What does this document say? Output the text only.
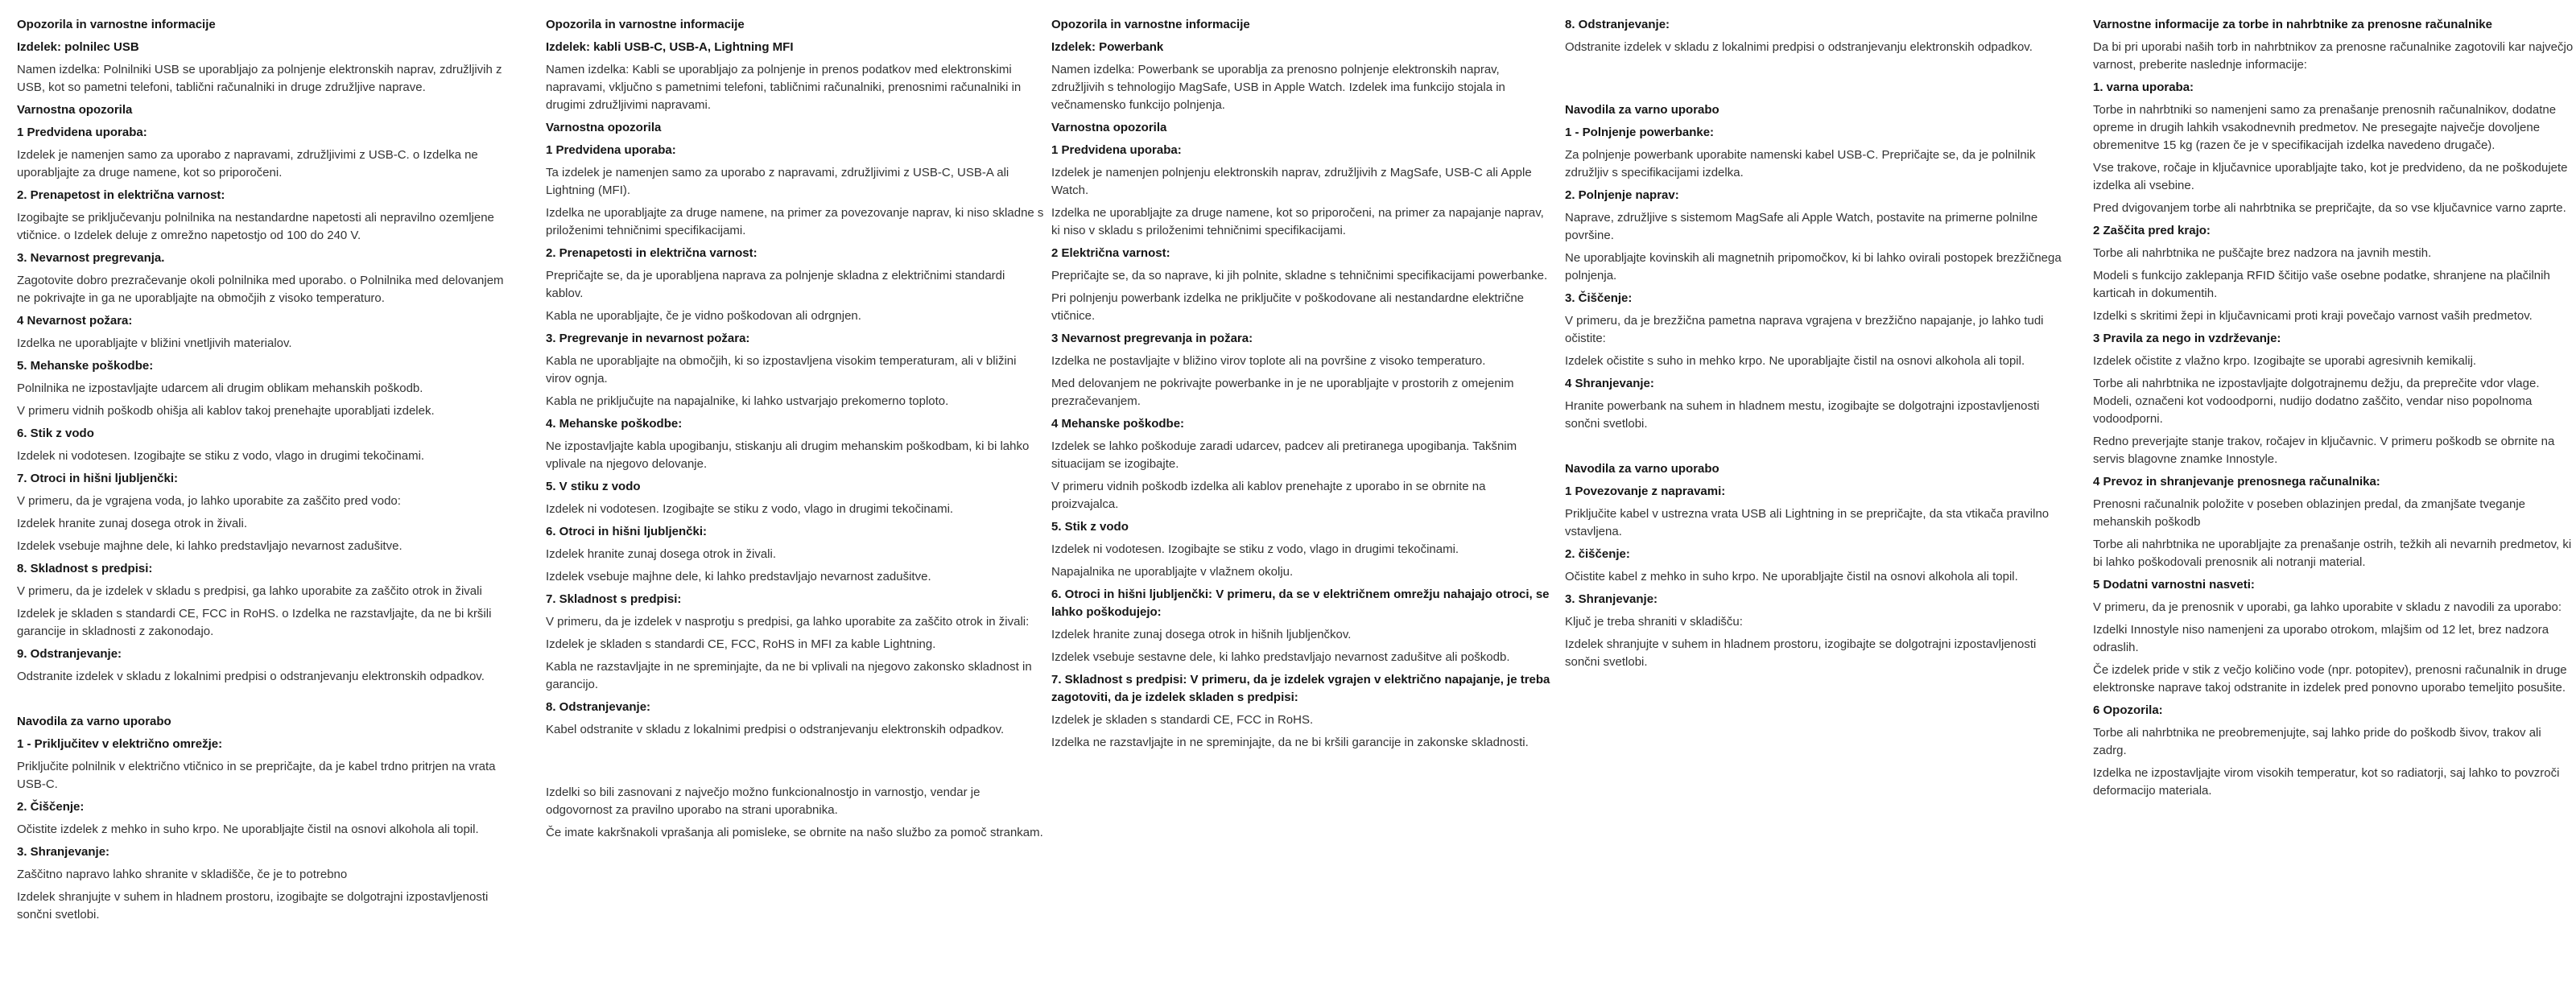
Opozorila in varnostne informacije
Izdelek: polnilec USB
Namen izdelka: Polnilniki USB se uporabljajo za polnjenje elektronskih naprav, združljivih z USB, kot so pametni telefoni, tablični računalniki in druge združljive naprave.
Varnostna opozorila
1 Predvidena uporaba:
Izdelek je namenjen samo za uporabo z napravami, združljivimi z USB-C. o Izdelka ne uporabljajte za druge namene, kot so priporočeni.
2. Prenapetost in električna varnost:
Izogibajte se priključevanju polnilnika na nestandardne napetosti ali nepravilno ozemljene vtičnice. o Izdelek deluje z omrežno napetostjo od 100 do 240 V.
3. Nevarnost pregrevanja.
Zagotovite dobro prezračevanje okoli polnilnika med uporabo. o Polnilnika med delovanjem ne pokrivajte in ga ne uporabljajte na območjih z visoko temperaturo.
4 Nevarnost požara:
Izdelka ne uporabljajte v bližini vnetljivih materialov.
5. Mehanske poškodbe:
Polnilnika ne izpostavljajte udarcem ali drugim oblikam mehanskih poškodb.
V primeru vidnih poškodb ohišja ali kablov takoj prenehajte uporabljati izdelek.
6. Stik z vodo
Izdelek ni vodotesen. Izogibajte se stiku z vodo, vlago in drugimi tekočinami.
7. Otroci in hišni ljubljenčki:
V primeru, da je vgrajena voda, jo lahko uporabite za zaščito pred vodo:
Izdelek hranite zunaj dosega otrok in živali.
Izdelek vsebuje majhne dele, ki lahko predstavljajo nevarnost zadušitve.
8. Skladnost s predpisi:
V primeru, da je izdelek v skladu s predpisi, ga lahko uporabite za zaščito otrok in živali
Izdelek je skladen s standardi CE, FCC in RoHS. o Izdelka ne razstavljajte, da ne bi kršili garancije in skladnosti z zakonodajo.
9. Odstranjevanje:
Odstranite izdelek v skladu z lokalnimi predpisi o odstranjevanju elektronskih odpadkov.
Navodila za varno uporabo
1 - Priključitev v električno omrežje:
Priključite polnilnik v električno vtičnico in se prepričajte, da je kabel trdno pritrjen na vrata USB-C.
2. Čiščenje:
Očistite izdelek z mehko in suho krpo. Ne uporabljajte čistil na osnovi alkohola ali topil.
3. Shranjevanje:
Zaščitno napravo lahko shranite v skladišče, če je to potrebno
Izdelek shranjujte v suhem in hladnem prostoru, izogibajte se dolgotrajni izpostavljenosti sončni svetlobi.
Opozorila in varnostne informacije
Izdelek: kabli USB-C, USB-A, Lightning MFI
Namen izdelka: Kabli se uporabljajo za polnjenje in prenos podatkov med elektronskimi napravami, vključno s pametnimi telefoni, tabličnimi računalniki, prenosnimi računalniki in drugimi združljivimi napravami.
Varnostna opozorila
1 Predvidena uporaba:
Ta izdelek je namenjen samo za uporabo z napravami, združljivimi z USB-C, USB-A ali Lightning (MFI).
Izdelka ne uporabljajte za druge namene, na primer za povezovanje naprav, ki niso skladne s priloženimi tehničnimi specifikacijami.
2. Prenapetosti in električna varnost:
Prepričajte se, da je uporabljena naprava za polnjenje skladna z električnimi standardi kablov.
Kabla ne uporabljajte, če je vidno poškodovan ali odrgnjen.
3. Pregrevanje in nevarnost požara:
Kabla ne uporabljajte na območjih, ki so izpostavljena visokim temperaturam, ali v bližini virov ognja.
Kabla ne priključujte na napajalnike, ki lahko ustvarjajo prekomerno toploto.
4. Mehanske poškodbe:
Ne izpostavljajte kabla upogibanju, stiskanju ali drugim mehanskim poškodbam, ki bi lahko vplivale na njegovo delovanje.
5. V stiku z vodo
Izdelek ni vodotesen. Izogibajte se stiku z vodo, vlago in drugimi tekočinami.
6. Otroci in hišni ljubljenčki:
Izdelek hranite zunaj dosega otrok in živali.
Izdelek vsebuje majhne dele, ki lahko predstavljajo nevarnost zadušitve.
7. Skladnost s predpisi:
V primeru, da je izdelek v nasprotju s predpisi, ga lahko uporabite za zaščito otrok in živali:
Izdelek je skladen s standardi CE, FCC, RoHS in MFI za kable Lightning.
Kabla ne razstavljajte in ne spreminjajte, da ne bi vplivali na njegovo zakonsko skladnost in garancijo.
8. Odstranjevanje:
Kabel odstranite v skladu z lokalnimi predpisi o odstranjevanju elektronskih odpadkov.
Izdelki so bili zasnovani z največjo možno funkcionalnostjo in varnostjo, vendar je odgovornost za pravilno uporabo na strani uporabnika.
Če imate kakršnakoli vprašanja ali pomisleke, se obrnite na našo službo za pomoč strankam.
Opozorila in varnostne informacije
Izdelek: Powerbank
Namen izdelka: Powerbank se uporablja za prenosno polnjenje elektronskih naprav, združljivih s tehnologijo MagSafe, USB in Apple Watch. Izdelek ima funkcijo stojala in večnamensko funkcijo polnjenja.
Varnostna opozorila
1 Predvidena uporaba:
Izdelek je namenjen polnjenju elektronskih naprav, združljivih z MagSafe, USB-C ali Apple Watch.
Izdelka ne uporabljajte za druge namene, kot so priporočeni, na primer za napajanje naprav, ki niso v skladu s priloženimi tehničnimi specifikacijami.
2 Električna varnost:
Prepričajte se, da so naprave, ki jih polnite, skladne s tehničnimi specifikacijami powerbanke.
Pri polnjenju powerbank izdelka ne priključite v poškodovane ali nestandardne električne vtičnice.
3 Nevarnost pregrevanja in požara:
Izdelka ne postavljajte v bližino virov toplote ali na površine z visoko temperaturo.
Med delovanjem ne pokrivajte powerbanke in je ne uporabljajte v prostorih z omejenim prezračevanjem.
4 Mehanske poškodbe:
Izdelek se lahko poškoduje zaradi udarcev, padcev ali pretiranega upogibanja. Takšnim situacijam se izogibajte.
V primeru vidnih poškodb izdelka ali kablov prenehajte z uporabo in se obrnite na proizvajalca.
5. Stik z vodo
Izdelek ni vodotesen. Izogibajte se stiku z vodo, vlago in drugimi tekočinami.
Napajalnika ne uporabljajte v vlažnem okolju.
6. Otroci in hišni ljubljenčki: V primeru, da se v električnem omrežju nahajajo otroci, se lahko poškodujejo:
Izdelek hranite zunaj dosega otrok in hišnih ljubljenčkov.
Izdelek vsebuje sestavne dele, ki lahko predstavljajo nevarnost zadušitve ali poškodb.
7. Skladnost s predpisi: V primeru, da je izdelek vgrajen v električno napajanje, je treba zagotoviti, da je izdelek skladen s predpisi:
Izdelek je skladen s standardi CE, FCC in RoHS.
Izdelka ne razstavljajte in ne spreminjajte, da ne bi kršili garancije in zakonske skladnosti.
8. Odstranjevanje:
Odstranite izdelek v skladu z lokalnimi predpisi o odstranjevanju elektronskih odpadkov.
Navodila za varno uporabo
1 - Polnjenje powerbanke:
Za polnjenje powerbank uporabite namenski kabel USB-C. Prepričajte se, da je polnilnik združljiv s specifikacijami izdelka.
2. Polnjenje naprav:
Naprave, združljive s sistemom MagSafe ali Apple Watch, postavite na primerne polnilne površine.
Ne uporabljajte kovinskih ali magnetnih pripomočkov, ki bi lahko ovirali postopek brezžičnega polnjenja.
3. Čiščenje:
V primeru, da je brezžična pametna naprava vgrajena v brezžično napajanje, jo lahko tudi očistite:
Izdelek očistite s suho in mehko krpo. Ne uporabljajte čistil na osnovi alkohola ali topil.
4 Shranjevanje:
Hranite powerbank na suhem in hladnem mestu, izogibajte se dolgotrajni izpostavljenosti sončni svetlobi.
Navodila za varno uporabo
1 Povezovanje z napravami:
Priključite kabel v ustrezna vrata USB ali Lightning in se prepričajte, da sta vtikača pravilno vstavljena.
2. čiščenje:
Očistite kabel z mehko in suho krpo. Ne uporabljajte čistil na osnovi alkohola ali topil.
3. Shranjevanje:
Ključ je treba shraniti v skladišču:
Izdelek shranjujte v suhem in hladnem prostoru, izogibajte se dolgotrajni izpostavljenosti sončni svetlobi.
Varnostne informacije za torbe in nahrbtnike za prenosne računalnike
Da bi pri uporabi naših torb in nahrbtnikov za prenosne računalnike zagotovili kar največjo varnost, preberite naslednje informacije:
1. varna uporaba:
Torbe in nahrbtniki so namenjeni samo za prenašanje prenosnih računalnikov, dodatne opreme in drugih lahkih vsakodnevnih predmetov. Ne presegajte največje dovoljene obremenitve 15 kg (razen če je v specifikacijah izdelka navedeno drugače).
Vse trakove, ročaje in ključavnice uporabljajte tako, kot je predvideno, da ne poškodujete izdelka ali vsebine.
Pred dvigovanjem torbe ali nahrbtnika se prepričajte, da so vse ključavnice varno zaprte.
2 Zaščita pred krajo:
Torbe ali nahrbtnika ne puščajte brez nadzora na javnih mestih.
Modeli s funkcijo zaklepanja RFID ščitijo vaše osebne podatke, shranjene na plačilnih karticah in dokumentih.
Izdelki s skritimi žepi in ključavnicami proti kraji povečajo varnost vaših predmetov.
3 Pravila za nego in vzdrževanje:
Izdelek očistite z vlažno krpo. Izogibajte se uporabi agresivnih kemikalij.
Torbe ali nahrbtnika ne izpostavljajte dolgotrajnemu dežju, da preprečite vdor vlage. Modeli, označeni kot vodoodporni, nudijo dodatno zaščito, vendar niso popolnoma vodoodporni.
Redno preverjajte stanje trakov, ročajev in ključavnic. V primeru poškodb se obrnite na servis blagovne znamke Innostyle.
4 Prevoz in shranjevanje prenosnega računalnika:
Prenosni računalnik položite v poseben oblazinjen predal, da zmanjšate tveganje mehanskih poškodb
Torbe ali nahrbtnika ne uporabljajte za prenašanje ostrih, težkih ali nevarnih predmetov, ki bi lahko poškodovali prenosnik ali notranji material.
5 Dodatni varnostni nasveti:
V primeru, da je prenosnik v uporabi, ga lahko uporabite v skladu z navodili za uporabo:
Izdelki Innostyle niso namenjeni za uporabo otrokom, mlajšim od 12 let, brez nadzora odraslih.
Če izdelek pride v stik z večjo količino vode (npr. potopitev), prenosni računalnik in druge elektronske naprave takoj odstranite in izdelek pred ponovno uporabo temeljito posušite.
6 Opozorila:
Torbe ali nahrbtnika ne preobremenjujte, saj lahko pride do poškodb šivov, trakov ali zadrg.
Izdelka ne izpostavljajte virom visokih temperatur, kot so radiatorji, saj lahko to povzroči deformacijo materiala.
